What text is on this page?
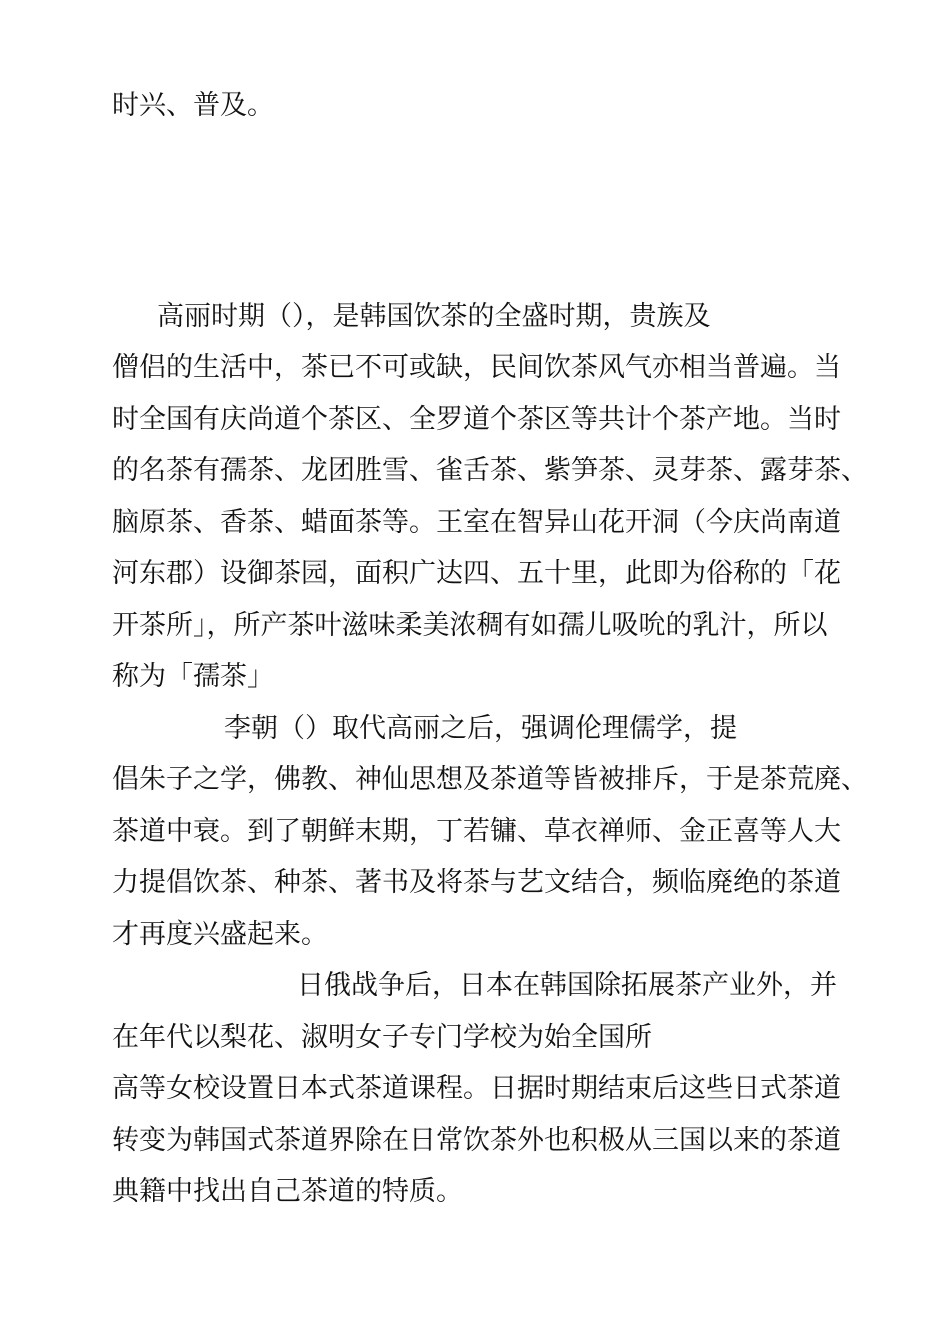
时兴、普及。
高丽时期（），是韩国饮茶的全盛时期，贵族及
僧侣的生活中，茶已不可或缺，民间饮茶风气亦相当普遍。当
时全国有庆尚道个茶区、全罗道个茶区等共计个茶产地。当时
的名茶有孺茶、龙团胜雪、雀舌茶、紫笋茶、灵芽茶、露芽茶、
脑原茶、香茶、蜡面茶等。王室在智异山花开洞（今庆尚南道
河东郡）设御茶园，面积广达四、五十里，此即为俗称的「花
开茶所」，所产茶叶滋味柔美浓稠有如孺儿吸吮的乳汁，所以
称为「孺茶」
李朝（）取代高丽之后，强调伦理儒学，提
倡朱子之学，佛教、神仙思想及茶道等皆被排斥，于是茶荒廃、
茶道中衰。到了朝鲜末期，丁若镛、草衣禅师、金正喜等人大
力提倡饮茶、种茶、著书及将茶与艺文结合，频临廃绝的茶道
才再度兴盛起来。
日俄战争后，日本在韩国除拓展茶产业外，并
在年代以梨花、淑明女子专门学校为始全国所
高等女校设置日本式茶道课程。日据时期结束后这些日式茶道
转变为韩国式茶道界除在日常饮茶外也积极从三国以来的茶道
典籍中找出自己茶道的特质。
